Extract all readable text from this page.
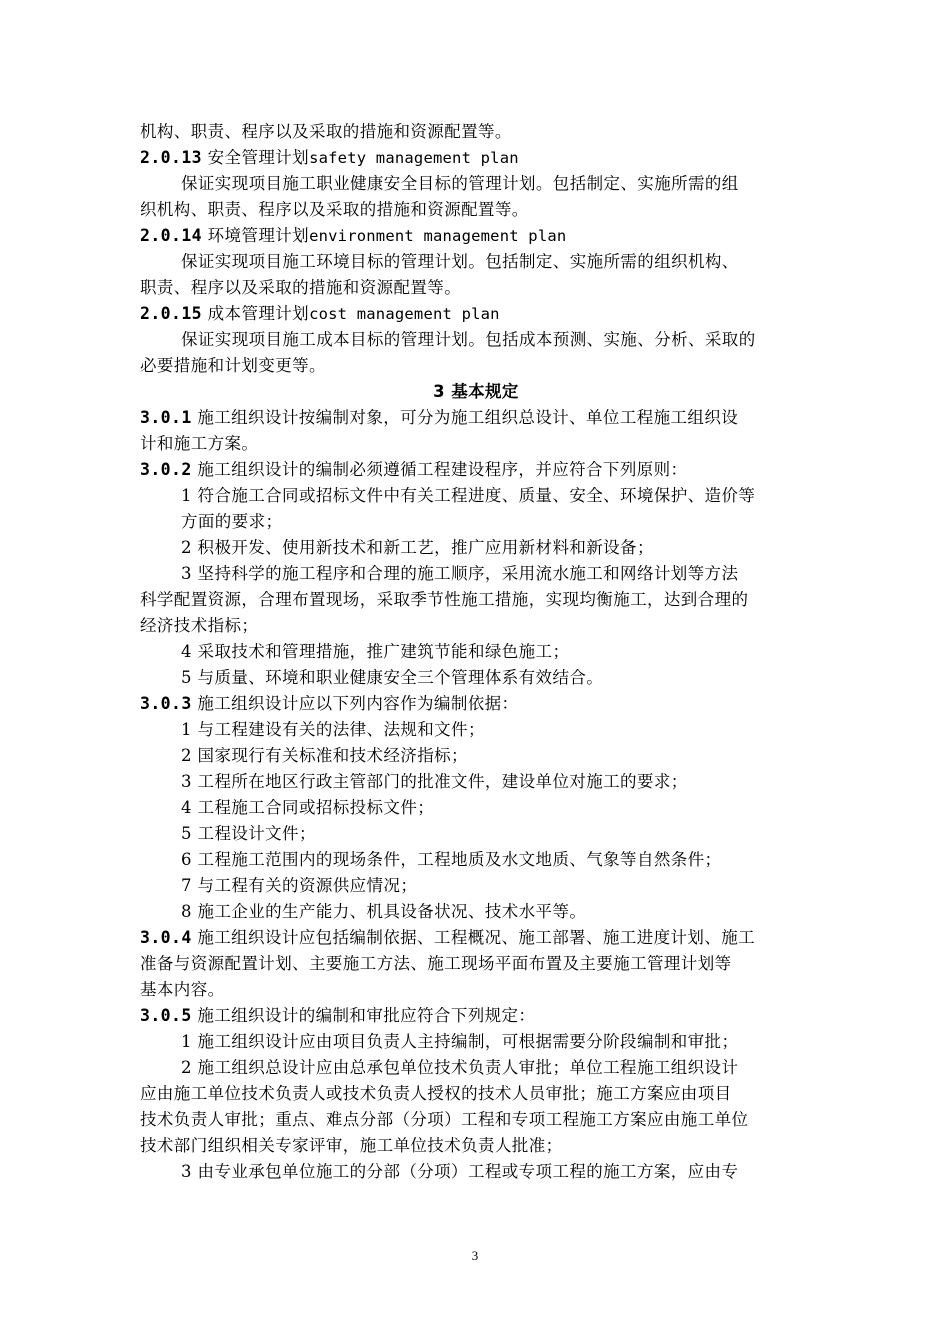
机构、职责、程序以及采取的措施和资源配置等。
2.0.13 安全管理计划safety management plan
保证实现项目施工职业健康安全目标的管理计划。包括制定、实施所需的组
织机构、职责、程序以及采取的措施和资源配置等。
2.0.14 环境管理计划environment management plan
保证实现项目施工环境目标的管理计划。包括制定、实施所需的组织机构、
职责、程序以及采取的措施和资源配置等。
2.0.15 成本管理计划cost management plan
保证实现项目施工成本目标的管理计划。包括成本预测、实施、分析、采取的
必要措施和计划变更等。
3 基本规定
3.0.1 施工组织设计按编制对象，可分为施工组织总设计、单位工程施工组织设
计和施工方案。
3.0.2 施工组织设计的编制必须遵循工程建设程序，并应符合下列原则：
1 符合施工合同或招标文件中有关工程进度、质量、安全、环境保护、造价等
方面的要求；
2 积极开发、使用新技术和新工艺，推广应用新材料和新设备；
3 坚持科学的施工程序和合理的施工顺序，采用流水施工和网络计划等方法
科学配置资源，合理布置现场，采取季节性施工措施，实现均衡施工，达到合理的
经济技术指标；
4 采取技术和管理措施，推广建筑节能和绿色施工；
5 与质量、环境和职业健康安全三个管理体系有效结合。
3.0.3 施工组织设计应以下列内容作为编制依据：
1 与工程建设有关的法律、法规和文件；
2 国家现行有关标准和技术经济指标；
3 工程所在地区行政主管部门的批准文件，建设单位对施工的要求；
4 工程施工合同或招标投标文件；
5 工程设计文件；
6 工程施工范围内的现场条件，工程地质及水文地质、气象等自然条件；
7 与工程有关的资源供应情况；
8 施工企业的生产能力、机具设备状况、技术水平等。
3.0.4 施工组织设计应包括编制依据、工程概况、施工部署、施工进度计划、施工
准备与资源配置计划、主要施工方法、施工现场平面布置及主要施工管理计划等
基本内容。
3.0.5 施工组织设计的编制和审批应符合下列规定：
1 施工组织设计应由项目负责人主持编制，可根据需要分阶段编制和审批；
2 施工组织总设计应由总承包单位技术负责人审批；单位工程施工组织设计
应由施工单位技术负责人或技术负责人授权的技术人员审批；施工方案应由项目
技术负责人审批；重点、难点分部（分项）工程和专项工程施工方案应由施工单位
技术部门组织相关专家评审，施工单位技术负责人批准；
3 由专业承包单位施工的分部（分项）工程或专项工程的施工方案，应由专
3
